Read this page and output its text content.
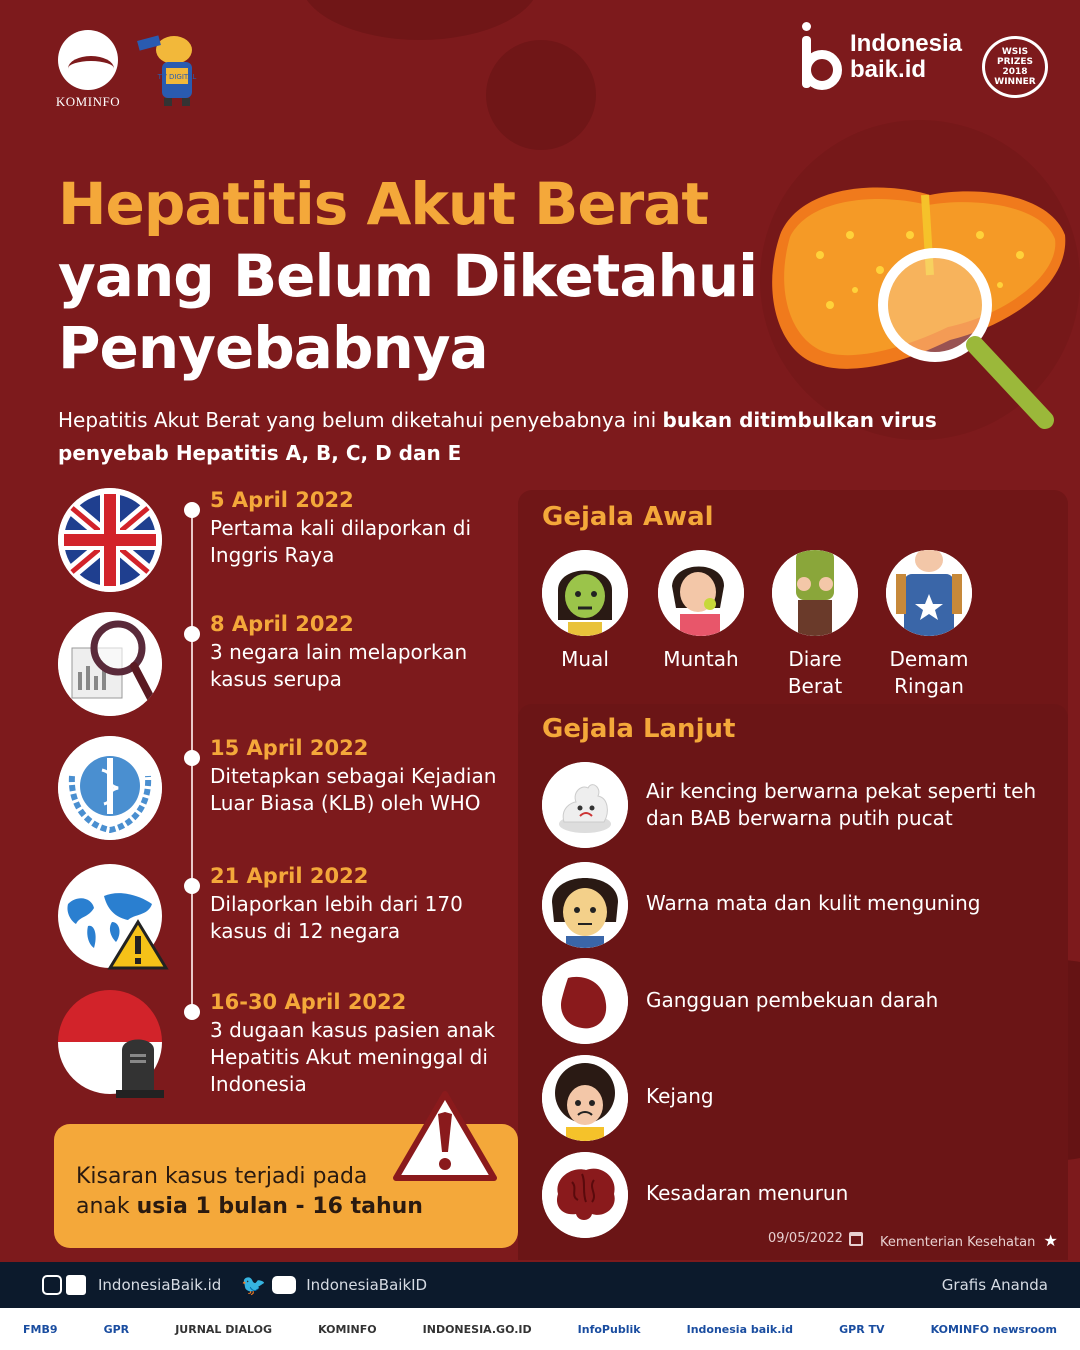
KOMINFO
TV DIGITAL
Indonesia
baik.id
WSIS
PRIZES
2018
WINNER
Hepatitis Akut Berat
yang Belum Diketahui
Penyebabnya

Hepatitis Akut Berat yang belum diketahui penyebabnya ini bukan ditimbulkan virus penyebab Hepatitis A, B, C, D dan E

5 April 2022
Pertama kali dilaporkan di Inggris Raya
8 April 2022
3 negara lain melaporkan kasus serupa
15 April 2022
Ditetapkan sebagai Kejadian Luar Biasa (KLB) oleh WHO
21 April 2022
Dilaporkan lebih dari 170 kasus di 12 negara
16-30 April 2022
3 dugaan kasus pasien anak Hepatitis Akut meninggal di Indonesia
Kisaran kasus terjadi pada
anak usia 1 bulan - 16 tahun
Gejala Awal
Mual	Muntah	Diare Berat
Demam Ringan
Gejala Lanjut
Air kencing berwarna pekat seperti teh dan BAB berwarna putih pucat
Warna mata dan kulit menguning
Gangguan pembekuan darah
Kejang
Kesadaran menurun
09/05/2022	Kementerian Kesehatan ★
IndonesiaBaik.id 🐦	IndonesiaBaikID	Grafis Ananda
FMB9	GPR	JURNAL DIALOG	KOMINFO	INDONESIA.GO.ID	InfoPublik	Indonesia baik.id	GPR TV	KOMINFO newsroom
